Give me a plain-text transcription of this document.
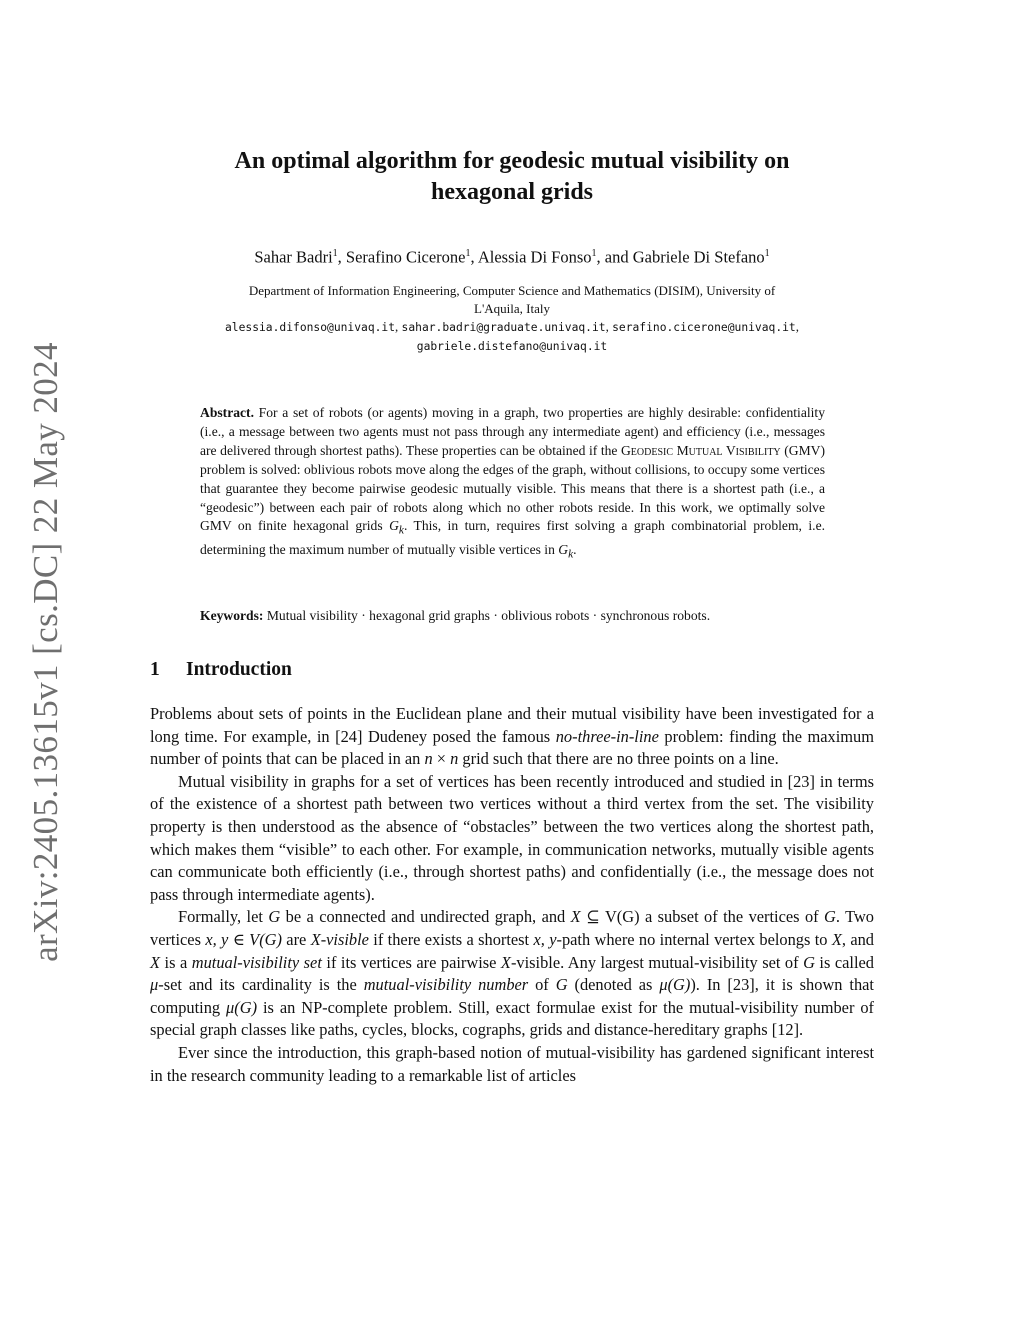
arXiv:2405.13615v1 [cs.DC] 22 May 2024
An optimal algorithm for geodesic mutual visibility on
hexagonal grids
Sahar Badri$^1$, Serafino Cicerone$^1$, Alessia Di Fonso$^1$, and Gabriele Di Stefano$^1$
Department of Information Engineering, Computer Science and Mathematics (DISIM), University of
L'Aquila, Italy
alessia.difonso@univaq.it, sahar.badri@graduate.univaq.it, serafino.cicerone@univaq.it,
gabriele.distefano@univaq.it

Abstract. For a set of robots (or agents) moving in a graph, two properties are highly desirable: confidentiality (i.e., a message between two agents must not pass through any intermediate agent) and efficiency (i.e., messages are delivered through shortest paths). These properties can be obtained if the Geodesic Mutual Visibility (GMV) problem is solved: oblivious robots move along the edges of the graph, without collisions, to occupy some vertices that guarantee they become pairwise geodesic mutually visible. This means that there is a shortest path (i.e., a “geodesic”) between each pair of robots along which no other robots reside. In this work, we optimally solve GMV on finite hexagonal grids $G_k$. This, in turn, requires first solving a graph combinatorial problem, i.e. determining the maximum number of mutually visible vertices in $G_k$.

Keywords: Mutual visibility · hexagonal grid graphs · oblivious robots · synchronous robots.

1 Introduction

Problems about sets of points in the Euclidean plane and their mutual visibility have been investigated for a long time. For example, in [24] Dudeney posed the famous no-three-in-line problem: finding the maximum number of points that can be placed in an n × n grid such that there are no three points on a line.

Mutual visibility in graphs for a set of vertices has been recently introduced and studied in [23] in terms of the existence of a shortest path between two vertices without a third vertex from the set. The visibility property is then understood as the absence of “obstacles” between the two vertices along the shortest path, which makes them “visible” to each other. For example, in communication networks, mutually visible agents can communicate both efficiently (i.e., through shortest paths) and confidentially (i.e., the message does not pass through intermediate agents).

Formally, let G be a connected and undirected graph, and X ⊆ V(G) a subset of the vertices of G. Two vertices x, y ∈ V(G) are X-visible if there exists a shortest x, y-path where no internal vertex belongs to X, and X is a mutual-visibility set if its vertices are pairwise X-visible. Any largest mutual-visibility set of G is called μ-set and its cardinality is the mutual-visibility number of G (denoted as μ(G)). In [23], it is shown that computing μ(G) is an NP-complete problem. Still, exact formulae exist for the mutual-visibility number of special graph classes like paths, cycles, blocks, cographs, grids and distance-hereditary graphs [12].

Ever since the introduction, this graph-based notion of mutual-visibility has gardened significant interest in the research community leading to a remarkable list of articles
